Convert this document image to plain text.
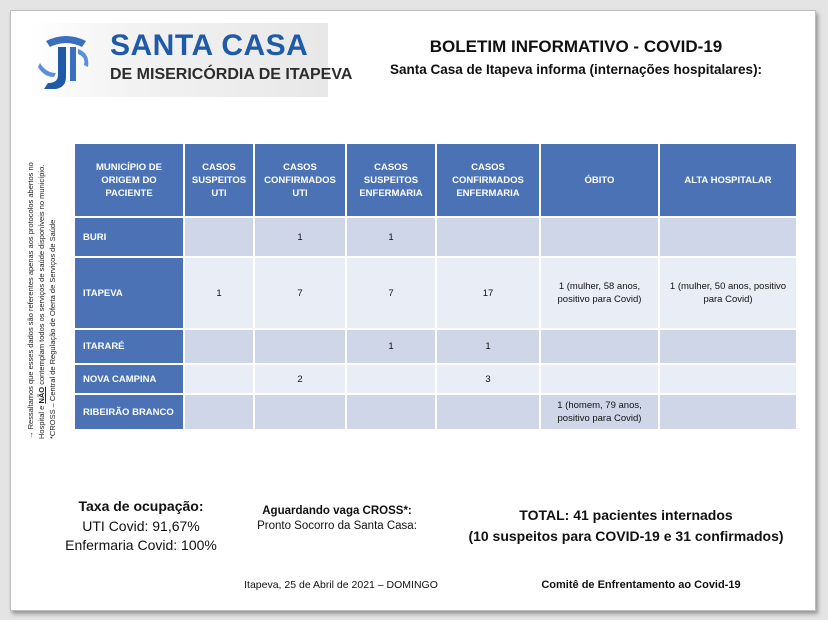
SANTA CASA
DE MISERICÓRDIA DE ITAPEVA
BOLETIM INFORMATIVO - COVID-19
Santa Casa de Itapeva informa (internações hospitalares):
→ Ressaltamos que esses dados são referentes apenas aos protocolos abertos no Hospital e NÃO contemplam todos os serviços de saúde disponíveis no município. *CROSS – Central de Regulação de Oferta de Serviços de Saúde
MUNICÍPIO DE ORIGEM DO PACIENTE	CASOS SUSPEITOS UTI	CASOS CONFIRMADOS UTI	CASOS SUSPEITOS ENFERMARIA	CASOS CONFIRMADOS ENFERMARIA	ÓBITO	ALTA HOSPITALAR
BURI		1	1			
ITAPEVA	1	7	7	17	1 (mulher, 58 anos, positivo para Covid)	1 (mulher, 50 anos, positivo para Covid)
ITARARÉ			1	1		
NOVA CAMPINA		2		3		
RIBEIRÃO BRANCO					1 (homem, 79 anos, positivo para Covid)	
Taxa de ocupação:
UTI Covid: 91,67%
Enfermaria Covid: 100%
Aguardando vaga CROSS*:
Pronto Socorro da Santa Casa:
TOTAL: 41 pacientes internados
(10 suspeitos para COVID-19 e 31 confirmados)
Itapeva, 25 de Abril de 2021 – DOMINGO	Comitê de Enfrentamento ao Covid-19
